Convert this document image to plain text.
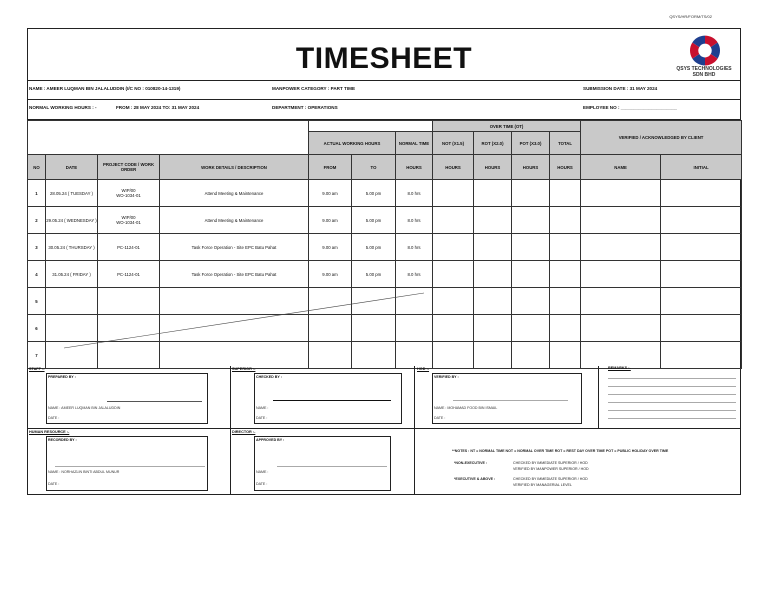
QSYS/HR/FORM/TS/02
TIMESHEET	QSYS TECHNOLOGIES
SDN BHD
NAME : AMEER LUQMAN BIN JALALUDDIN (I/C NO : 010820-14-1319)	MANPOWER CATEGORY : PART TIME	SUBMISSION DATE : 31 MAY 2024
NORMAL WORKING HOURS : -	FROM : 28 MAY 2024 TO: 31 MAY 2024	DEPARTMENT : OPERATIONS	EMPLOYEE NO : ______________________
							OVER TIME (OT)				VERIFIED / ACKNOWLEDGED BY CLIENT	
				ACTUAL WORKING HOURS		NORMAL TIME	NOT (X1.5)	ROT (X2.0)	POT (X3.0)	TOTAL		
NO	DATE	PROJECT CODE / WORK ORDER	WORK DETAILS / DESCRIPTION	FROM	TO	HOURS	HOURS	HOURS	HOURS	HOURS	NAME	INITIAL
1	28.05.24 ( TUESDAY )	WIP/00
WO-1034-01	Attend Meeting & Maintenance	9.00 am	5.00 pm	8.0 hrs						
2	29.05.24 ( WEDNESDAY )	WIP/00
WO-1034-01	Attend Meeting & Maintenance	9.00 am	5.00 pm	8.0 hrs						
3	30.05.24 ( THURSDAY )	PC-1124-01	Task Force Operation - Site EPC Batu Pahat	9.00 am	5.00 pm	8.0 hrs						
4	31.05.24 ( FRIDAY )	PC-1124-01	Task Force Operation - Site EPC Batu Pahat	9.00 am	5.00 pm	8.0 hrs						
5												
6												
7												
STAFF :-
PREPARED BY :
NAME : AMEER LUQMAN BIN JALALUDDIN
DATE :
SUPERIOR :-
CHECKED BY :
NAME :
DATE :
HOD :-
VERIFIED BY :
NAME : MOHAMAD FOOD BIN ISMAIL
DATE :
REMARKS :-
HUMAN RESOURCE :-
RECORDED BY :
NAME : NORHAZLIN BINTI ABDUL MUNUR
DATE :
DIRECTOR :-
APPROVED BY :
NAME :
DATE :
**NOTES : NT = NORMAL TIME NOT = NORMAL OVER TIME ROT = REST DAY OVER TIME POT = PUBLIC HOLIDAY OVER TIME
*NON-EXECUTIVE :	CHECKED BY IMMEDIATE SUPERIOR / HOD
VERIFIED BY MANPOWER SUPERIOR / HOD
*EXECUTIVE & ABOVE :	CHECKED BY IMMEDIATE SUPERIOR / HOD
VERIFIED BY MANAGERIAL LEVEL
